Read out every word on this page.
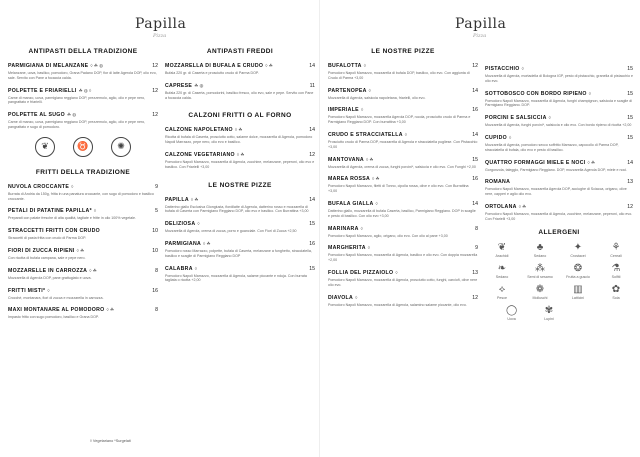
Papilla
Pizza
ANTIPASTI DELLA TRADIZIONE
PARMIGIANA DI MELANZANE ◊ ☘ ◍	12
Melanzane, uova, basilico, pomodoro, Grana Padano DOP, fior di latte Agerola DOP, olio evo, sale. Servito con Pane a focaccia calda.
POLPETTE E FRIARIELLI ☘ ◍ ◊	12
Carne di manzo, uova, parmigiano reggiano DOP, prezzemolo, aglio, olio e pepe nero, pangrattato e friarielli.
POLPETTE AL SUGO ☘ ◍	12
Carne di manzo, uova, parmigiano reggiano DOP, prezzemolo, aglio, olio e pepe nero, pangrattato e sugo di pomodoro.
❦	♉	✺
FRITTI DELLA TRADIZIONE
NUVOLA CROCCANTE ◊	9
Burrata di Andria da 150g, fritta in una panatura croccante, con sugo di pomodoro e basilico croccante.
PETALI DI PATATINE PAPILLA* ◊	5
Preparati con patate fresche di alta qualità, tagliate e fritte in olio 100% vegetale.
STRACCETTI FRITTI CON CRUDO	10
Straccetti di pasta fritta con crudo di Parma DOP.
FIORI DI ZUCCA RIPIENI ◊ ☘	10
Con ricotta di bufala campana, sale e pepe nero.
MOZZARELLE IN CARROZZA ◊ ☘	8
Mozzarella di Agerola DOP, pane grattugiato e uova.
FRITTI MISTI* ◊	16
Crocchè, montanara, fiori di zucca e mozzarella in carrozza.
MAXI MONTANARE AL POMODORO ◊ ☘	8
Impasto fritto con sugo pomodoro, basilico e Grana DOP.
ANTIPASTI FREDDI
MOZZARELLA DI BUFALA E CRUDO ◊ ☘	14
Bufala 220 gr. di Caserta e prosciutto crudo di Parma DOP.
CAPRESE ☘ ◍	11
Bufala 220 gr. di Caserta, pomodorini, basilico fresco, olio evo, sale e pepe. Servito con Pane a focaccia calda.
CALZONI FRITTI O AL FORNO
CALZONE NAPOLETANO ◊ ☘	14
Ricotta di bufala di Caserta, prosciutto cotto, salame dolce, mozzarella di Agerola, pomodoro Napoli Marrazzo, pepe nero, olio evo e basilico.
CALZONE VEGETARIANO ◊ ☘	12
Pomodoro Napoli Marrazzo, mozzarella di Agerola, zucchine, melanzane, peperoni, olio evo e basilico. Con Friarielli +3,00
LE NOSTRE PIZZE
PAPILLA ◊ ☘	14
Datterino giallo Esclusiva Giongiusta, fiordilatte di Agerola, datterino rosso e mozzarella di bufala di Caserta con Parmigiano Reggiano DOP, olio evo e basilico. Con Burrattina +3,00
DELIZIOSA ◊	15
Mozzarella di Agerola, crema di zucca, porro e guanciale. Con Fiori di Zucca +2,50
PARMIGIANA ◊ ☘	16
Pomodoro rosso Marrazzo, polpette, bufala di Caserta, melanzane a funghetto, stracciatella, basilico e scaglie di Parmigiano Reggiano DOP
CALABRA ◊	15
Pomodoro Napoli Marrazzo, mozzarella di Agerola, salame piccante e nduja. Con burrata tagliata o ricotta +2,00
◊ Vegetariano *Surgelati
Papilla
Pizza
LE NOSTRE PIZZE
BUFALOTTA ◊	12
Pomodoro Napoli Marrazzo, mozzarella di bufala DOP, basilico, olio evo. Con aggiunta di Crudo di Parma +3,00
PARTENOPEA ◊	14
Mozzarella di Agerola, salsiccia napoletana, friarielli, olio evo.
IMPERIALE ◊	16
Pomodoro Napoli Marrazzo, mozzarella Agerola DOP, rucola, prosciutto crudo di Parma e Parmigiano Reggiano DOP. Con burrattina +3,00
CRUDO E STRACCIATELLA ◊	14
Prosciutto crudo di Parma DOP, mozzarella di Agerola e stracciatella pugliese. Con Pistacchio +3,00
MANTOVANA ◊ ☘	15
Mozzarella di Agerola, crema di zucca, funghi porcini*, salsiccia e olio evo. Con Funghi +2,00
MAREA ROSSA ◊ ☘	16
Pomodoro Napoli Marrazzo, filetti di Tonno, cipolla rossa, olive e olio evo. Con Burrattina +3,00
BUFALA GIALLA ◊	14
Datterino giallo, mozzarella di bufala Caserta, basilico, Parmigiano Reggiano. DOP in scaglie e pesto di basilico. Con olio evo +3,00
MARINARA ◊	8
Pomodoro Napoli Marrazzo, aglio, origano, olio evo. Con olio al pane +3,00
MARGHERITA ◊	9
Pomodoro Napoli Marrazzo, mozzarella di Agerola, basilico e olio evo. Con doppia mozzarella +2,00
FOLLIA DEL PIZZAIOLO ◊	13
Pomodoro Napoli Marrazzo, mozzarella di Agerola, prosciutto cotto, funghi, carciofi, olive nere olio evo.
DIAVOLA ◊	12
Pomodoro Napoli Marrazzo, mozzarella di Agerola, salamino salame piccante, olio evo.
PISTACCHIO ◊	15
Mozzarella di Agerola, mortadella di Bologna IGP, pesto di pistacchio, granella di pistacchio e olio evo.
SOTTOBOSCO CON BORDO RIPIENO ◊	15
Pomodoro Napoli Marrazzo, mozzarella di Agerola, funghi champignon, salsiccia e scaglie di Parmigiano Reggiano. DOP.
PORCINI E SALSICCIA ◊	15
Mozzarella di Agerola, funghi porcini*, salsiccia e olio evo. Con bordo ripieno di ricotta +2,00
CUPIDO ◊	15
Mozzarella di Agerola, pomodoro secco soffritto Marrazzo, capocollo di Parma DOP, stracciatella di bufala, olio evo e pesto di basilico.
QUATTRO FORMAGGI MIELE E NOCI ◊ ☘	14
Gorgonzola, taleggio, Parmigiano Reggiano. DOP, mozzarella Agerola DOP, miele e noci.
ROMANA	13
Pomodoro Napoli Marrazzo, mozzarella Agerola DOP, acciughe di Sciacca, origano, olive nere, capperi e aglio olio evo.
ORTOLANA ◊ ☘	12
Pomodoro Napoli Marrazzo, mozzarella di Agerola, zucchine, melanzane, peperoni, olio evo. Con Friarielli +3,00
ALLERGENI
❦
Arachidi
♣
Sedano
✦
Crostacei
⚘
Cereali
❧
Sedano
⁂
Semi di sesamo
❂
Frutta a guscio
⚗
Solfiti
⟡
Pesce
❁
Molluschi
▥
Latticini
✿
Soia
◯
Uova
✾
Lupini
